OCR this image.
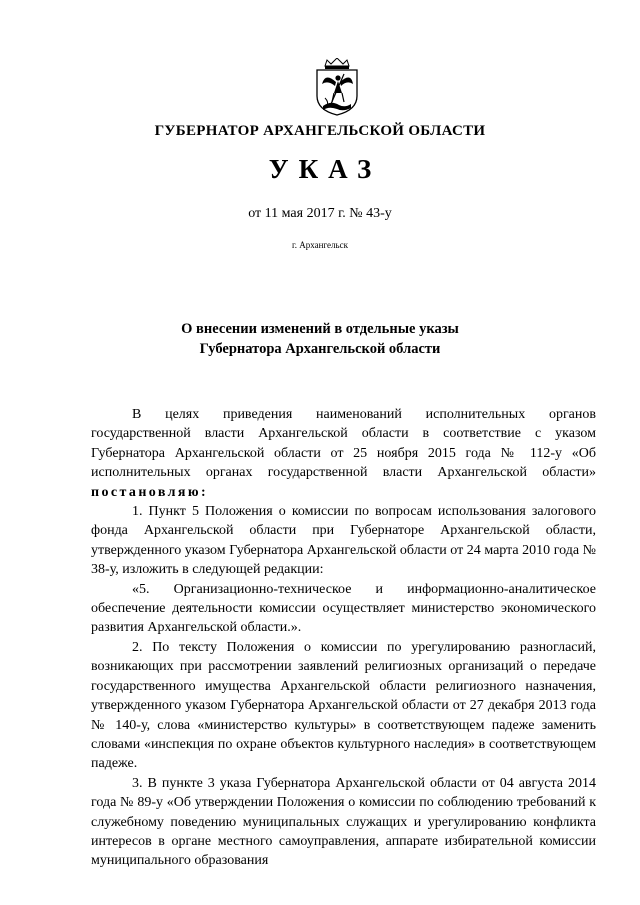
ГУБЕРНАТОР АРХАНГЕЛЬСКОЙ ОБЛАСТИ
УКАЗ
от 11 мая 2017 г. № 43-у
г. Архангельск
О внесении изменений в отдельные указы
Губернатора Архангельской области

В целях приведения наименований исполнительных органов государственной власти Архангельской области в соответствие с указом Губернатора Архангельской области от 25 ноября 2015 года № 112-у «Об исполнительных органах государственной власти Архангельской области» постановляю:

1. Пункт 5 Положения о комиссии по вопросам использования залогового фонда Архангельской области при Губернаторе Архангельской области, утвержденного указом Губернатора Архангельской области от 24 марта 2010 года № 38-у, изложить в следующей редакции:

«5. Организационно-техническое и информационно-аналитическое обеспечение деятельности комиссии осуществляет министерство экономического развития Архангельской области.».

2. По тексту Положения о комиссии по урегулированию разногласий, возникающих при рассмотрении заявлений религиозных организаций о передаче государственного имущества Архангельской области религиозного назначения, утвержденного указом Губернатора Архангельской области от 27 декабря 2013 года № 140-у, слова «министерство культуры» в соответствующем падеже заменить словами «инспекция по охране объектов культурного наследия» в соответствующем падеже.

3. В пункте 3 указа Губернатора Архангельской области от 04 августа 2014 года № 89-у «Об утверждении Положения о комиссии по соблюдению требований к служебному поведению муниципальных служащих и урегулированию конфликта интересов в органе местного самоуправления, аппарате избирательной комиссии муниципального образования
